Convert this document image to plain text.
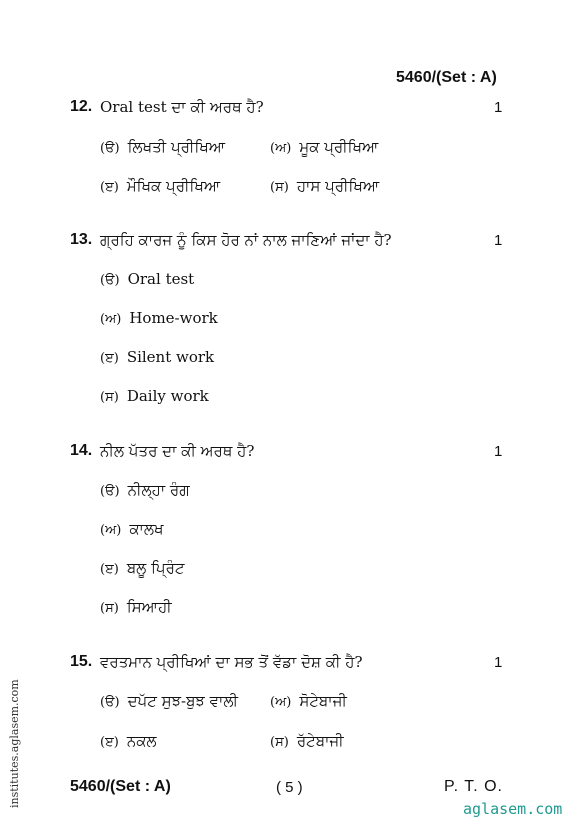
5460/(Set : A)
12. Oral test ਦਾ ਕੀ ਅਰਥ ਹੈ?	1
(ੳ) ਲਿਖਤੀ ਪ੍ਰੀਖਿਆ	(ਅ) ਮੂਕ ਪ੍ਰੀਖਿਆ
(ੲ) ਮੌਖਿਕ ਪ੍ਰੀਖਿਆ	(ਸ) ਹਾਸ ਪ੍ਰੀਖਿਆ
13. ਗ੍ਰਹਿ ਕਾਰਜ ਨੂੰ ਕਿਸ ਹੋਰ ਨਾਂ ਨਾਲ ਜਾਣਿਆਂ ਜਾਂਦਾ ਹੈ?	1
(ੳ) Oral test
(ਅ) Home-work
(ੲ) Silent work
(ਸ) Daily work
14. ਨੀਲ ਪੱਤਰ ਦਾ ਕੀ ਅਰਥ ਹੈ?	1
(ੳ) ਨੀਲ੍ਹਾ ਰੰਗ
(ਅ) ਕਾਲਖ
(ੲ) ਬਲੂ ਪ੍ਰਿੰਟ
(ਸ) ਸਿਆਹੀ
15. ਵਰਤਮਾਨ ਪ੍ਰੀਖਿਆਂ ਦਾ ਸਭ ਤੋਂ ਵੱਡਾ ਦੋਸ਼ ਕੀ ਹੈ?	1
(ੳ) ਦਪੱਟ ਸੁਝ-ਬੁਝ ਵਾਲੀ (ਅ) ਸੋਟੇਬਾਜੀ
(ੲ) ਨਕਲ	(ਸ) ਰੱਟੇਬਾਜੀ
5460/(Set : A)	( 5 )	P. T. O.
aglasem.com
institutes.aglasem.com
